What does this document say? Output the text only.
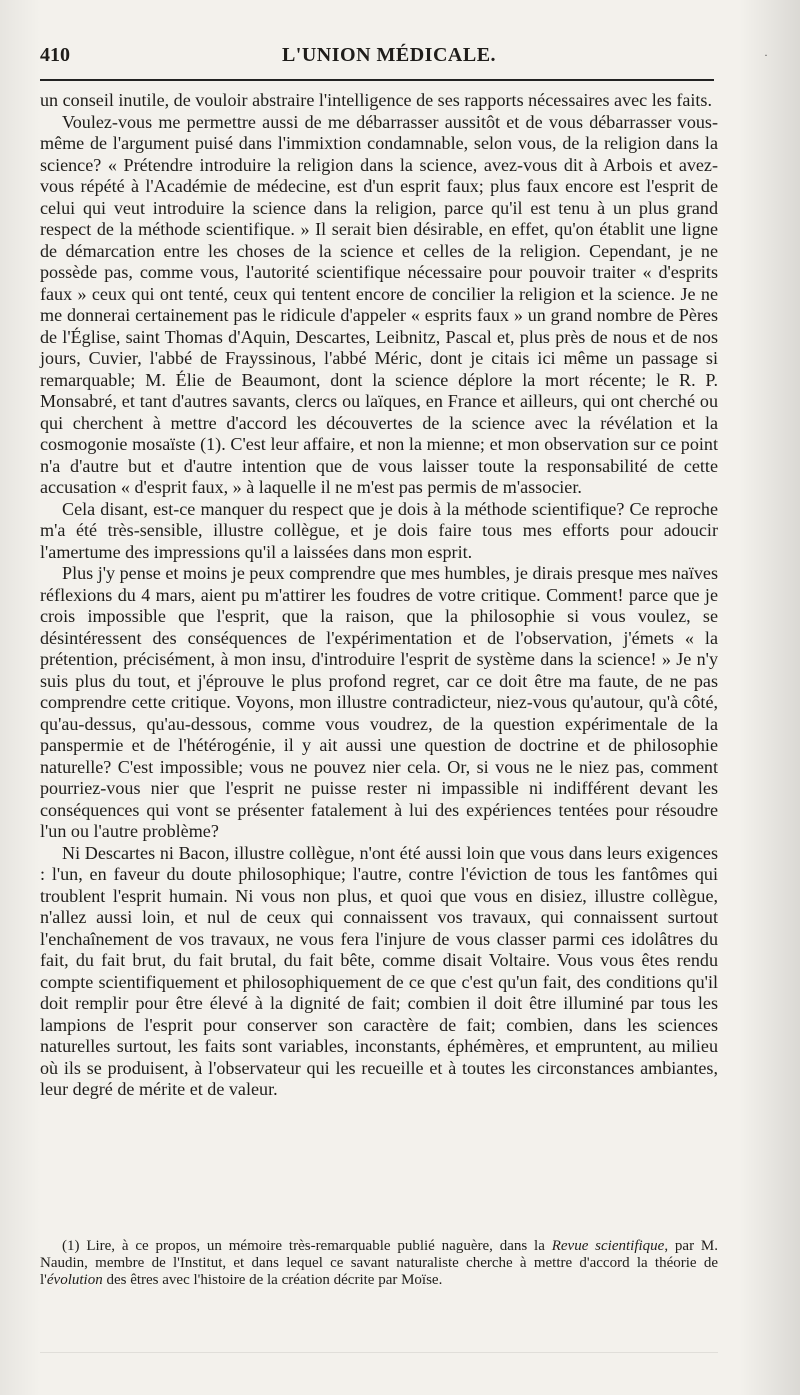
410	L'UNION MÉDICALE.	·

un conseil inutile, de vouloir abstraire l'intelligence de ses rapports nécessaires avec les faits.

Voulez-vous me permettre aussi de me débarrasser aussitôt et de vous débarrasser vous-même de l'argument puisé dans l'immixtion condamnable, selon vous, de la religion dans la science? « Prétendre introduire la religion dans la science, avez-vous dit à Arbois et avez-vous répété à l'Académie de médecine, est d'un esprit faux; plus faux encore est l'esprit de celui qui veut introduire la science dans la religion, parce qu'il est tenu à un plus grand respect de la méthode scientifique. » Il serait bien désirable, en effet, qu'on établit une ligne de démarcation entre les choses de la science et celles de la religion. Cependant, je ne possède pas, comme vous, l'autorité scientifique nécessaire pour pouvoir traiter « d'esprits faux » ceux qui ont tenté, ceux qui tentent encore de concilier la religion et la science. Je ne me donnerai certainement pas le ridicule d'appeler « esprits faux » un grand nombre de Pères de l'Église, saint Thomas d'Aquin, Descartes, Leibnitz, Pascal et, plus près de nous et de nos jours, Cuvier, l'abbé de Frayssinous, l'abbé Méric, dont je citais ici même un passage si remarquable; M. Élie de Beaumont, dont la science déplore la mort récente; le R. P. Monsabré, et tant d'autres savants, clercs ou laïques, en France et ailleurs, qui ont cherché ou qui cherchent à mettre d'accord les découvertes de la science avec la révélation et la cosmogonie mosaïste (1). C'est leur affaire, et non la mienne; et mon observation sur ce point n'a d'autre but et d'autre intention que de vous laisser toute la responsabilité de cette accusation « d'esprit faux, » à laquelle il ne m'est pas permis de m'associer.

Cela disant, est-ce manquer du respect que je dois à la méthode scientifique? Ce reproche m'a été très-sensible, illustre collègue, et je dois faire tous mes efforts pour adoucir l'amertume des impressions qu'il a laissées dans mon esprit.

Plus j'y pense et moins je peux comprendre que mes humbles, je dirais presque mes naïves réflexions du 4 mars, aient pu m'attirer les foudres de votre critique. Comment! parce que je crois impossible que l'esprit, que la raison, que la philosophie si vous voulez, se désintéressent des conséquences de l'expérimentation et de l'observation, j'émets « la prétention, précisément, à mon insu, d'introduire l'esprit de système dans la science! » Je n'y suis plus du tout, et j'éprouve le plus profond regret, car ce doit être ma faute, de ne pas comprendre cette critique. Voyons, mon illustre contradicteur, niez-vous qu'autour, qu'à côté, qu'au-dessus, qu'au-dessous, comme vous voudrez, de la question expérimentale de la panspermie et de l'hétérogénie, il y ait aussi une question de doctrine et de philosophie naturelle? C'est impossible; vous ne pouvez nier cela. Or, si vous ne le niez pas, comment pourriez-vous nier que l'esprit ne puisse rester ni impassible ni indifférent devant les conséquences qui vont se présenter fatalement à lui des expériences tentées pour résoudre l'un ou l'autre problème?

Ni Descartes ni Bacon, illustre collègue, n'ont été aussi loin que vous dans leurs exigences : l'un, en faveur du doute philosophique; l'autre, contre l'éviction de tous les fantômes qui troublent l'esprit humain. Ni vous non plus, et quoi que vous en disiez, illustre collègue, n'allez aussi loin, et nul de ceux qui connaissent vos travaux, qui connaissent surtout l'enchaînement de vos travaux, ne vous fera l'injure de vous classer parmi ces idolâtres du fait, du fait brut, du fait brutal, du fait bête, comme disait Voltaire. Vous vous êtes rendu compte scientifiquement et philosophiquement de ce que c'est qu'un fait, des conditions qu'il doit remplir pour être élevé à la dignité de fait; combien il doit être illuminé par tous les lampions de l'esprit pour conserver son caractère de fait; combien, dans les sciences naturelles surtout, les faits sont variables, inconstants, éphémères, et empruntent, au milieu où ils se produisent, à l'observateur qui les recueille et à toutes les circonstances ambiantes, leur degré de mérite et de valeur.

(1) Lire, à ce propos, un mémoire très-remarquable publié naguère, dans la Revue scientifique, par M. Naudin, membre de l'Institut, et dans lequel ce savant naturaliste cherche à mettre d'accord la théorie de l'évolution des êtres avec l'histoire de la création décrite par Moïse.
